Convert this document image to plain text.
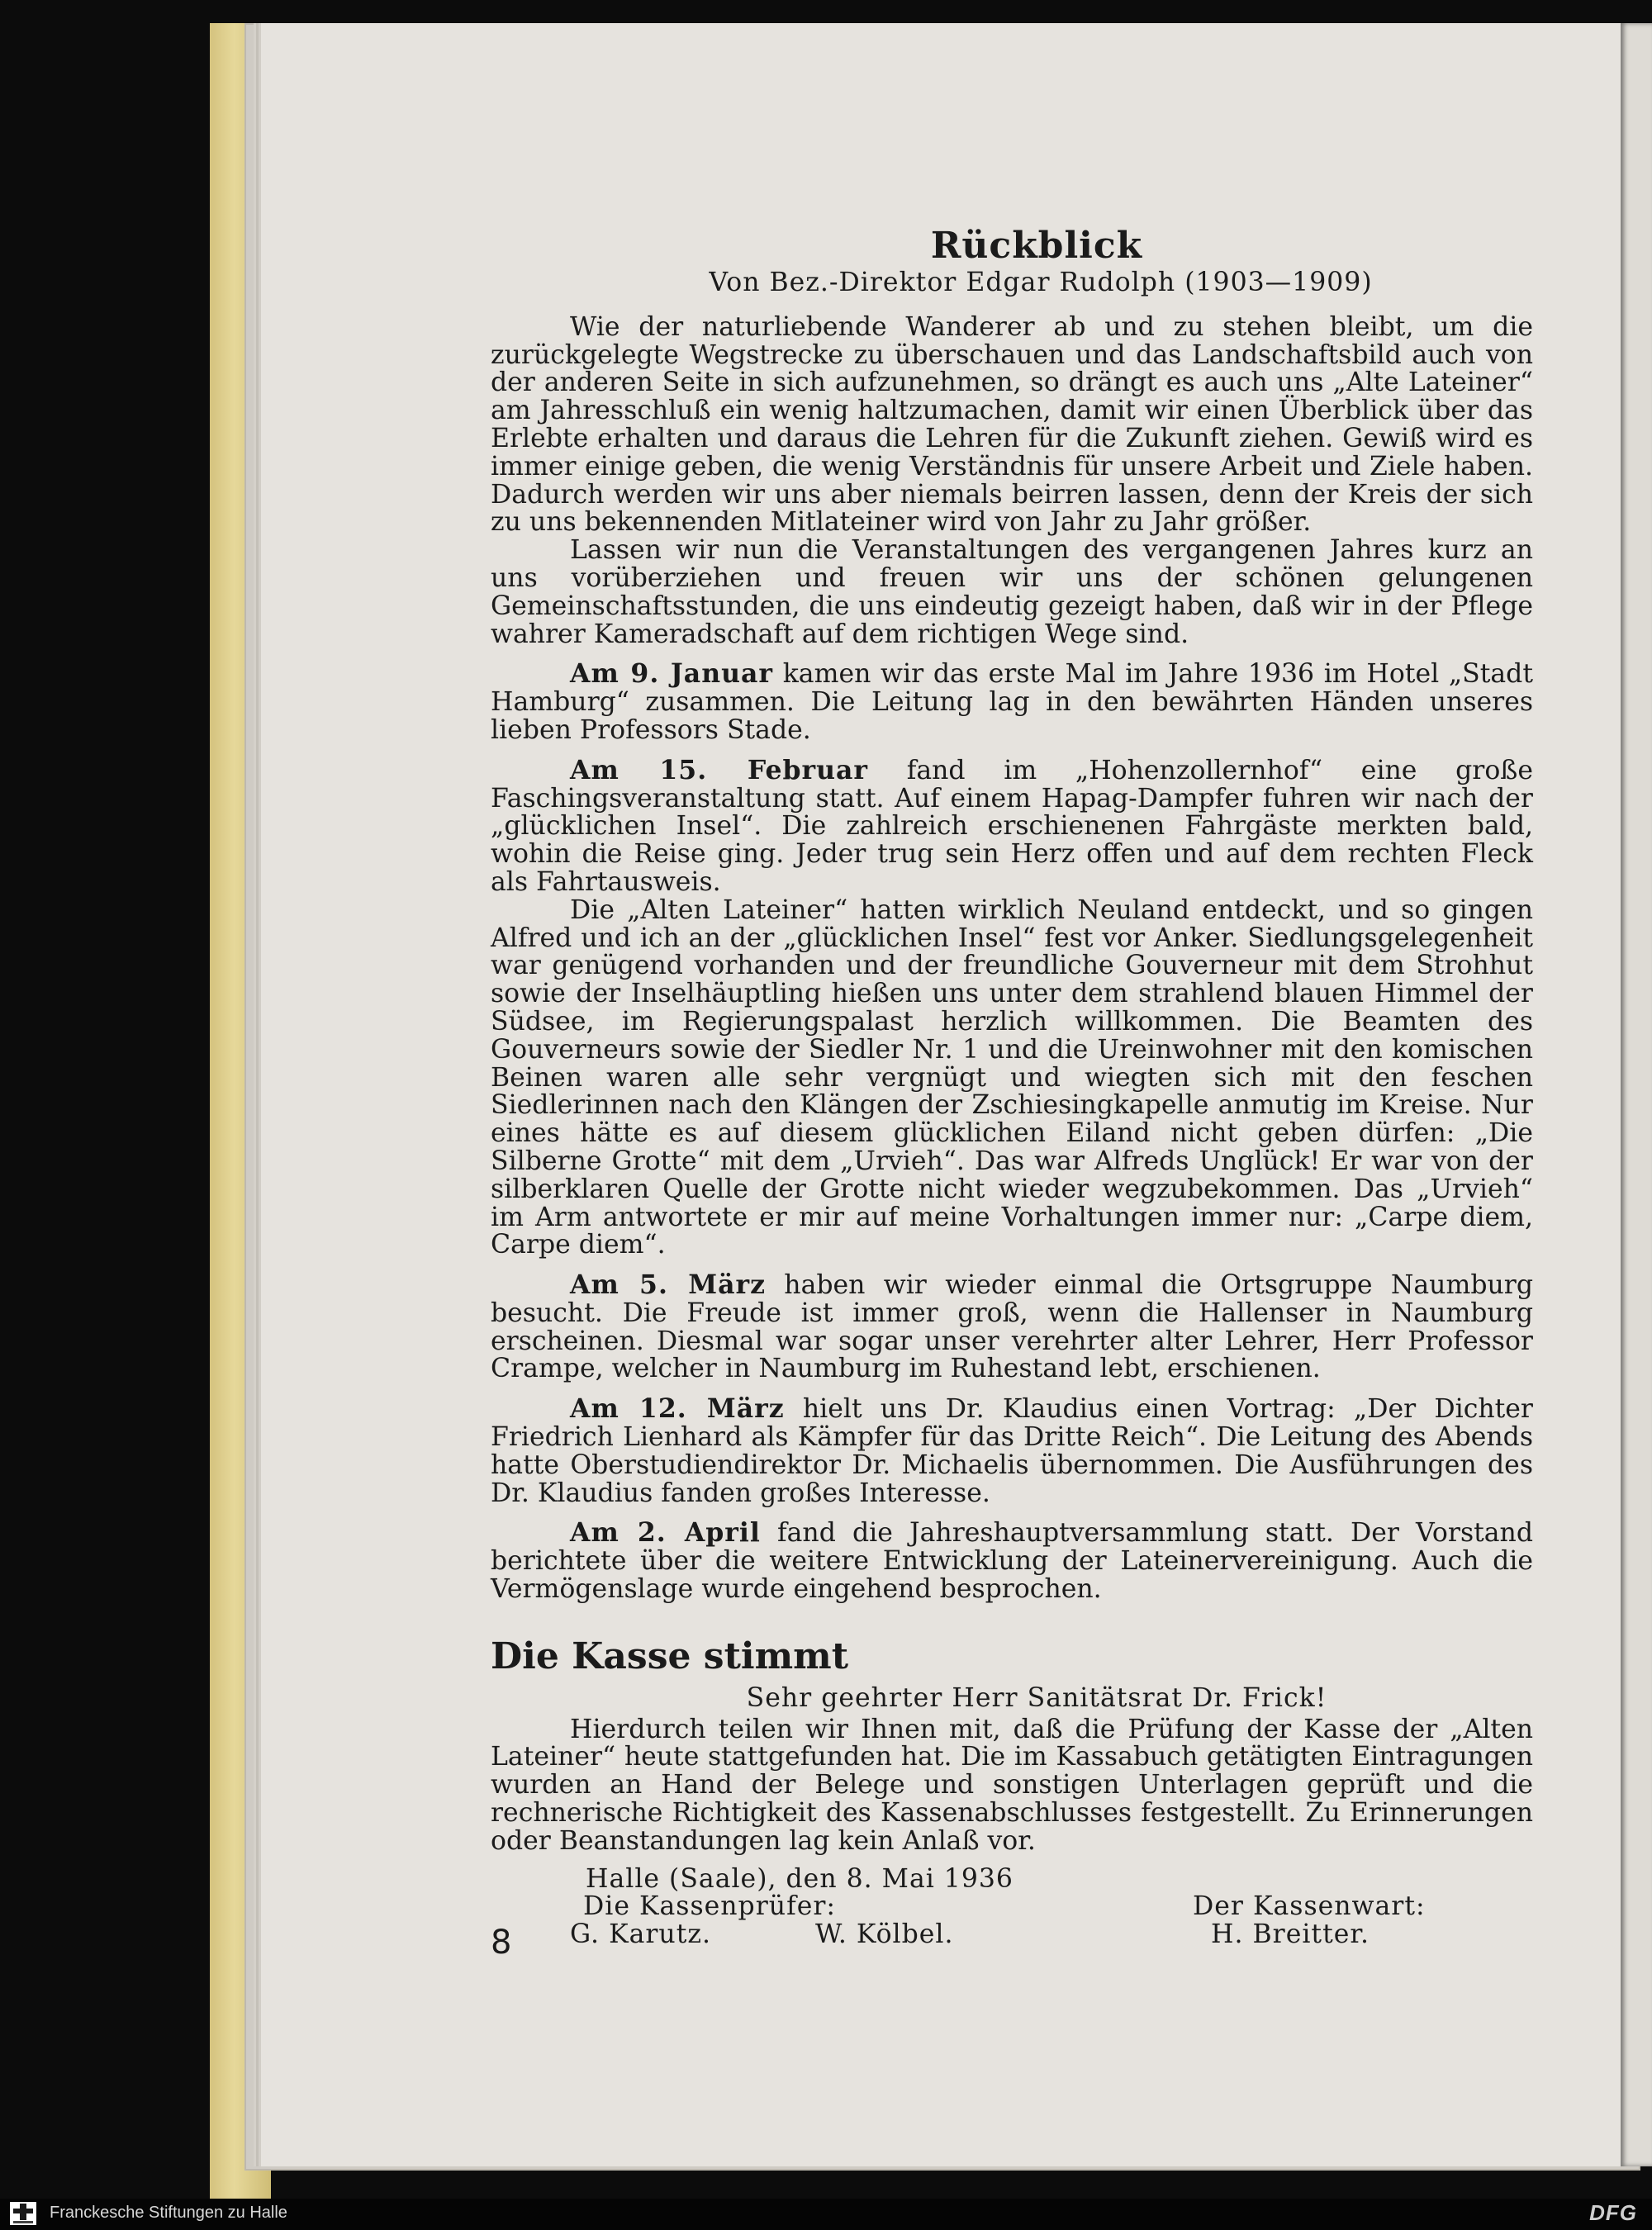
Rückblick
Von Bez.-Direktor Edgar Rudolph (1903—1909)

Wie der naturliebende Wanderer ab und zu stehen bleibt, um die zurückgelegte Wegstrecke zu überschauen und das Landschaftsbild auch von der anderen Seite in sich aufzunehmen, so drängt es auch uns „Alte Lateiner“ am Jahresschluß ein wenig haltzumachen, damit wir einen Überblick über das Erlebte erhalten und daraus die Lehren für die Zukunft ziehen. Gewiß wird es immer einige geben, die wenig Verständnis für unsere Arbeit und Ziele haben. Dadurch werden wir uns aber niemals beirren lassen, denn der Kreis der sich zu uns bekennenden Mitlateiner wird von Jahr zu Jahr größer.

Lassen wir nun die Veranstaltungen des vergangenen Jahres kurz an uns vorüberziehen und freuen wir uns der schönen gelungenen Gemeinschaftsstunden, die uns eindeutig gezeigt haben, daß wir in der Pflege wahrer Kameradschaft auf dem richtigen Wege sind.

Am 9. Januar kamen wir das erste Mal im Jahre 1936 im Hotel „Stadt Hamburg“ zusammen. Die Leitung lag in den bewährten Händen unseres lieben Professors Stade.

Am 15. Februar fand im „Hohenzollernhof“ eine große Faschingsveranstaltung statt. Auf einem Hapag-Dampfer fuhren wir nach der „glücklichen Insel“. Die zahlreich erschienenen Fahrgäste merkten bald, wohin die Reise ging. Jeder trug sein Herz offen und auf dem rechten Fleck als Fahrtausweis.

Die „Alten Lateiner“ hatten wirklich Neuland entdeckt, und so gingen Alfred und ich an der „glücklichen Insel“ fest vor Anker. Siedlungsgelegenheit war genügend vorhanden und der freundliche Gouverneur mit dem Strohhut sowie der Inselhäuptling hießen uns unter dem strahlend blauen Himmel der Südsee, im Regierungspalast herzlich willkommen. Die Beamten des Gouverneurs sowie der Siedler Nr. 1 und die Ureinwohner mit den komischen Beinen waren alle sehr vergnügt und wiegten sich mit den feschen Siedlerinnen nach den Klängen der Zschiesingkapelle anmutig im Kreise. Nur eines hätte es auf diesem glücklichen Eiland nicht geben dürfen: „Die Silberne Grotte“ mit dem „Urvieh“. Das war Alfreds Unglück! Er war von der silberklaren Quelle der Grotte nicht wieder wegzubekommen. Das „Urvieh“ im Arm antwortete er mir auf meine Vorhaltungen immer nur: „Carpe diem, Carpe diem“.

Am 5. März haben wir wieder einmal die Ortsgruppe Naumburg besucht. Die Freude ist immer groß, wenn die Hallenser in Naumburg erscheinen. Diesmal war sogar unser verehrter alter Lehrer, Herr Professor Crampe, welcher in Naumburg im Ruhestand lebt, erschienen.

Am 12. März hielt uns Dr. Klaudius einen Vortrag: „Der Dichter Friedrich Lienhard als Kämpfer für das Dritte Reich“. Die Leitung des Abends hatte Oberstudiendirektor Dr. Michaelis übernommen. Die Ausführungen des Dr. Klaudius fanden großes Interesse.

Am 2. April fand die Jahreshauptversammlung statt. Der Vorstand berichtete über die weitere Entwicklung der Lateinervereinigung. Auch die Vermögenslage wurde eingehend besprochen.

Die Kasse stimmt
Sehr geehrter Herr Sanitätsrat Dr. Frick!

Hierdurch teilen wir Ihnen mit, daß die Prüfung der Kasse der „Alten Lateiner“ heute stattgefunden hat. Die im Kassabuch getätigten Eintragungen wurden an Hand der Belege und sonstigen Unterlagen geprüft und die rechnerische Richtigkeit des Kassenabschlusses festgestellt. Zu Erinnerungen oder Beanstandungen lag kein Anlaß vor.

Halle (Saale), den 8. Mai 1936
Die Kassenprüfer:	Der Kassenwart:
G. Karutz.	W. Kölbel.	H. Breitter.
8
Franckesche Stiftungen zu Halle	DFG
